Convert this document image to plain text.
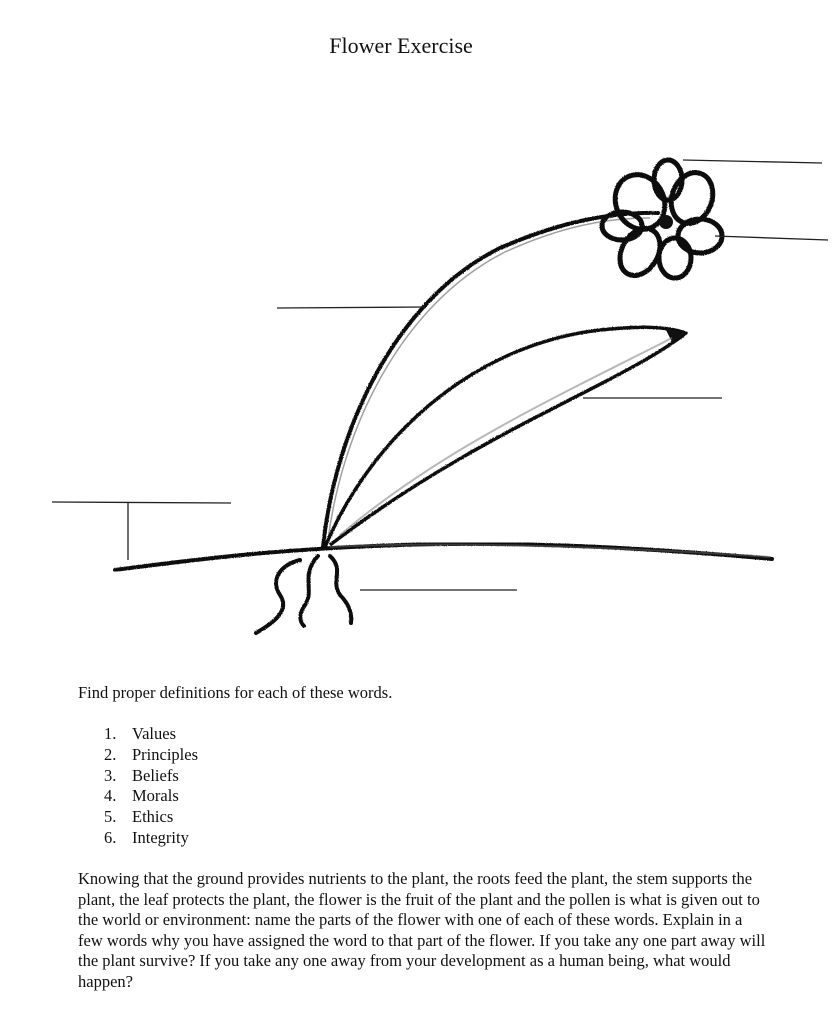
Flower Exercise

Find proper definitions for each of these words.

1. Values
2. Principles
3. Beliefs
4. Morals
5. Ethics
6. Integrity

Knowing that the ground provides nutrients to the plant, the roots feed the plant, the stem supports the plant, the leaf protects the plant, the flower is the fruit of the plant and the pollen is what is given out to the world or environment: name the parts of the flower with one of each of these words. Explain in a few words why you have assigned the word to that part of the flower. If you take any one part away will the plant survive? If you take any one away from your development as a human being, what would happen?
